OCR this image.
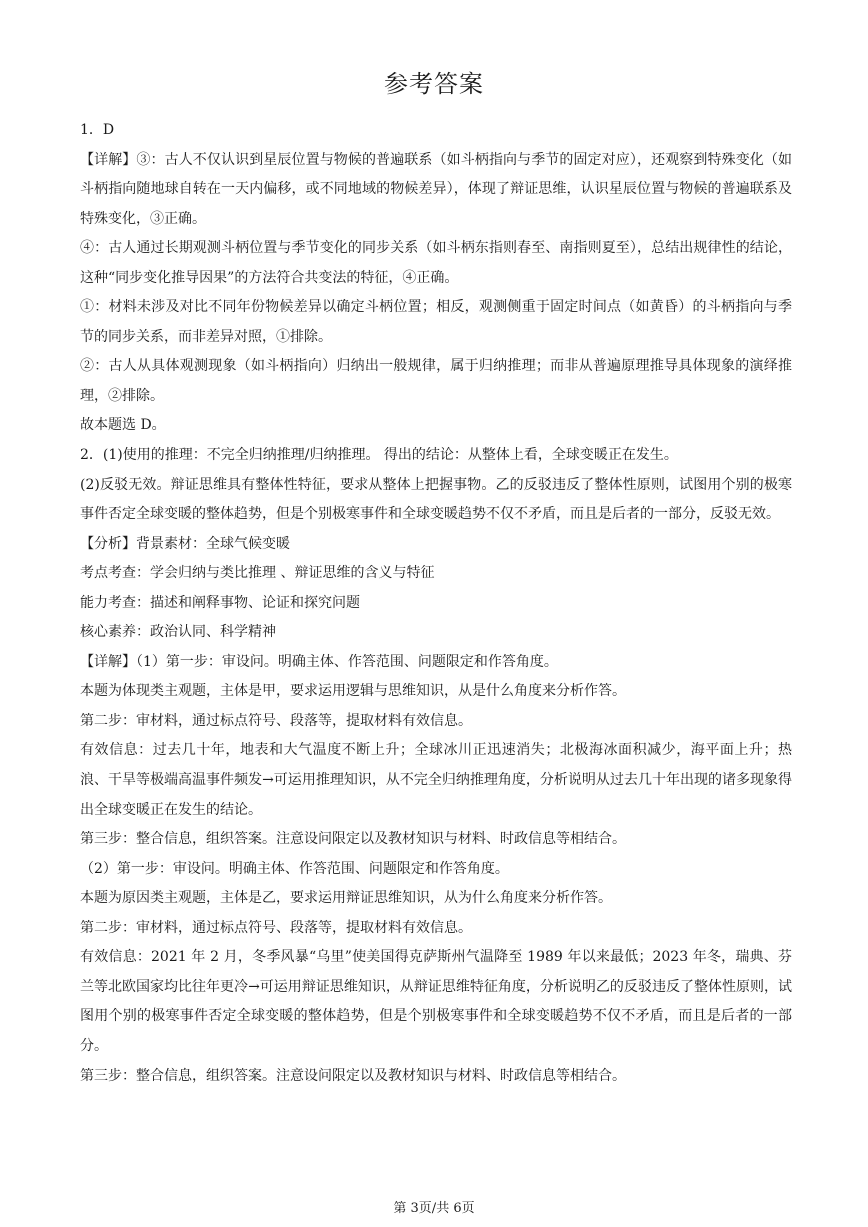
参考答案

1．D

【详解】③：古人不仅认识到星辰位置与物候的普遍联系（如斗柄指向与季节的固定对应），还观察到特殊变化（如斗柄指向随地球自转在一天内偏移，或不同地域的物候差异），体现了辩证思维，认识星辰位置与物候的普遍联系及特殊变化，③正确。

④：古人通过长期观测斗柄位置与季节变化的同步关系（如斗柄东指则春至、南指则夏至），总结出规律性的结论，这种“同步变化推导因果”的方法符合共变法的特征，④正确。

①：材料未涉及对比不同年份物候差异以确定斗柄位置；相反，观测侧重于固定时间点（如黄昏）的斗柄指向与季节的同步关系，而非差异对照，①排除。

②：古人从具体观测现象（如斗柄指向）归纳出一般规律，属于归纳推理；而非从普遍原理推导具体现象的演绎推理，②排除。

故本题选 D。

2．(1)使用的推理：不完全归纳推理/归纳推理。 得出的结论：从整体上看，全球变暖正在发生。

(2)反驳无效。辩证思维具有整体性特征，要求从整体上把握事物。乙的反驳违反了整体性原则，试图用个别的极寒事件否定全球变暖的整体趋势，但是个别极寒事件和全球变暖趋势不仅不矛盾，而且是后者的一部分，反驳无效。

【分析】背景素材：全球气候变暖

考点考查：学会归纳与类比推理 、辩证思维的含义与特征

能力考查：描述和阐释事物、论证和探究问题

核心素养：政治认同、科学精神

【详解】（1）第一步：审设问。明确主体、作答范围、问题限定和作答角度。

本题为体现类主观题，主体是甲，要求运用逻辑与思维知识，从是什么角度来分析作答。

第二步：审材料，通过标点符号、段落等，提取材料有效信息。

有效信息：过去几十年，地表和大气温度不断上升；全球冰川正迅速消失；北极海冰面积减少，海平面上升；热浪、干旱等极端高温事件频发→可运用推理知识，从不完全归纳推理角度，分析说明从过去几十年出现的诸多现象得出全球变暖正在发生的结论。

第三步：整合信息，组织答案。注意设问限定以及教材知识与材料、时政信息等相结合。

（2）第一步：审设问。明确主体、作答范围、问题限定和作答角度。

本题为原因类主观题，主体是乙，要求运用辩证思维知识，从为什么角度来分析作答。

第二步：审材料，通过标点符号、段落等，提取材料有效信息。

有效信息：2021 年 2 月，冬季风暴“乌里”使美国得克萨斯州气温降至 1989 年以来最低；2023 年冬，瑞典、芬兰等北欧国家均比往年更冷→可运用辩证思维知识，从辩证思维特征角度，分析说明乙的反驳违反了整体性原则，试图用个别的极寒事件否定全球变暖的整体趋势，但是个别极寒事件和全球变暖趋势不仅不矛盾，而且是后者的一部分。

第三步：整合信息，组织答案。注意设问限定以及教材知识与材料、时政信息等相结合。

第 3页/共 6页
